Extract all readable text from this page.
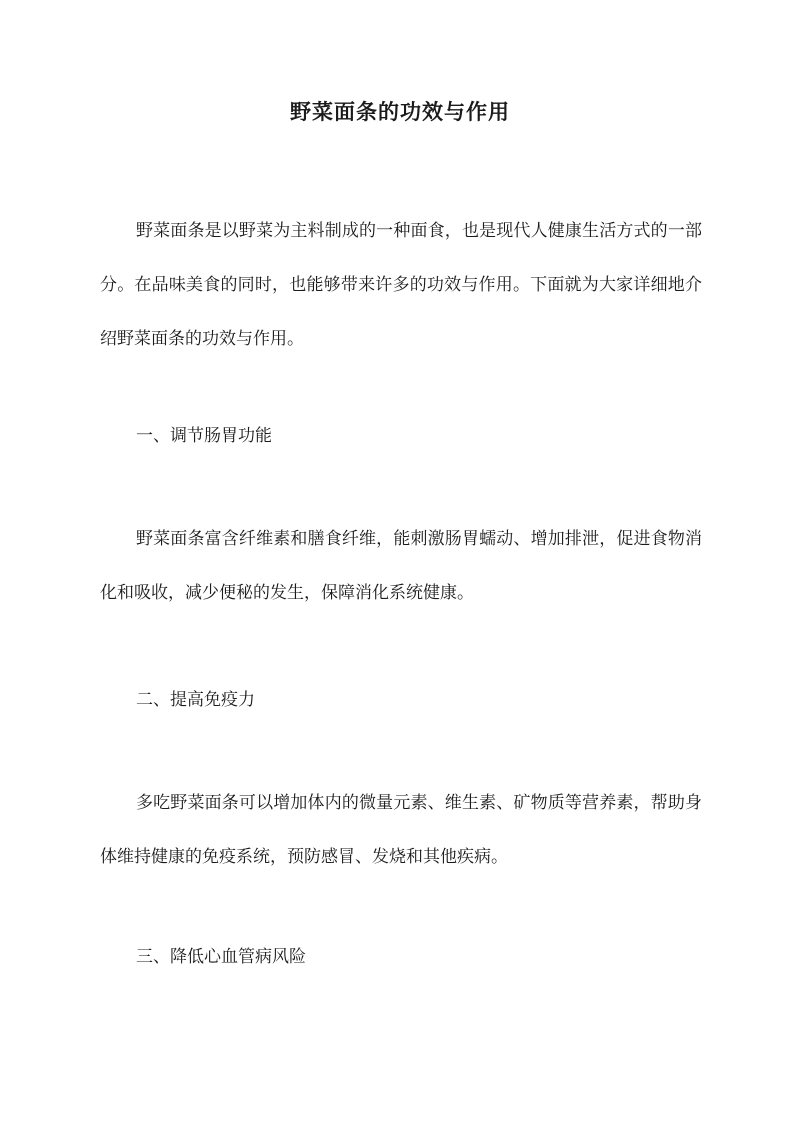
野菜面条的功效与作用

野菜面条是以野菜为主料制成的一种面食，也是现代人健康生活方式的一部分。在品味美食的同时，也能够带来许多的功效与作用。下面就为大家详细地介绍野菜面条的功效与作用。

一、调节肠胃功能

野菜面条富含纤维素和膳食纤维，能刺激肠胃蠕动、增加排泄，促进食物消化和吸收，减少便秘的发生，保障消化系统健康。

二、提高免疫力

多吃野菜面条可以增加体内的微量元素、维生素、矿物质等营养素，帮助身体维持健康的免疫系统，预防感冒、发烧和其他疾病。

三、降低心血管病风险
